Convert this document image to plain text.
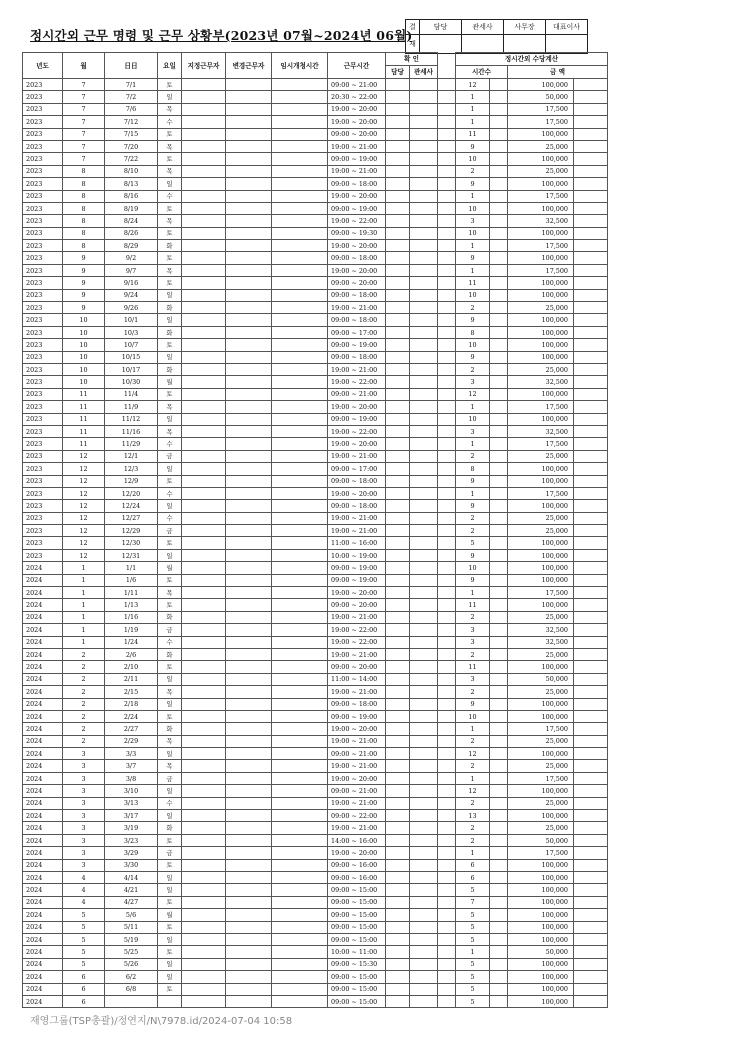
정시간외 근무 명령 및 근무 상황부(2023년 07월~2024년 06월)
결	담당	관세사	사무장	대표이사
재				
년도	월	日日	요일	지정근무자	변경근무자	임시개청시간	근무시간	확 인			정시간외 수당계산			
								담당	관세사		시간수		금 액	
2023	7	7/1	토				09:00 ~ 21:00				12		100,000	
2023	7	7/2	일				20:30 ~ 22:00				1		50,000	
2023	7	7/6	목				19:00 ~ 20:00				1		17,500	
2023	7	7/12	수				19:00 ~ 20:00				1		17,500	
2023	7	7/15	토				09:00 ~ 20:00				11		100,000	
2023	7	7/20	목				19:00 ~ 21:00				9		25,000	
2023	7	7/22	토				09:00 ~ 19:00				10		100,000	
2023	8	8/10	목				19:00 ~ 21:00				2		25,000	
2023	8	8/13	일				09:00 ~ 18:00				9		100,000	
2023	8	8/16	수				19:00 ~ 20:00				1		17,500	
2023	8	8/19	토				09:00 ~ 19:00				10		100,000	
2023	8	8/24	목				19:00 ~ 22:00				3		32,500	
2023	8	8/26	토				09:00 ~ 19:30				10		100,000	
2023	8	8/29	화				19:00 ~ 20:00				1		17,500	
2023	9	9/2	토				09:00 ~ 18:00				9		100,000	
2023	9	9/7	목				19:00 ~ 20:00				1		17,500	
2023	9	9/16	토				09:00 ~ 20:00				11		100,000	
2023	9	9/24	일				09:00 ~ 18:00				10		100,000	
2023	9	9/26	화				19:00 ~ 21:00				2		25,000	
2023	10	10/1	일				09:00 ~ 18:00				9		100,000	
2023	10	10/3	화				09:00 ~ 17:00				8		100,000	
2023	10	10/7	토				09:00 ~ 19:00				10		100,000	
2023	10	10/15	일				09:00 ~ 18:00				9		100,000	
2023	10	10/17	화				19:00 ~ 21:00				2		25,000	
2023	10	10/30	월				19:00 ~ 22:00				3		32,500	
2023	11	11/4	토				09:00 ~ 21:00				12		100,000	
2023	11	11/9	목				19:00 ~ 20:00				1		17,500	
2023	11	11/12	일				09:00 ~ 19:00				10		100,000	
2023	11	11/16	목				19:00 ~ 22:00				3		32,500	
2023	11	11/29	수				19:00 ~ 20:00				1		17,500	
2023	12	12/1	금				19:00 ~ 21:00				2		25,000	
2023	12	12/3	일				09:00 ~ 17:00				8		100,000	
2023	12	12/9	토				09:00 ~ 18:00				9		100,000	
2023	12	12/20	수				19:00 ~ 20:00				1		17,500	
2023	12	12/24	일				09:00 ~ 18:00				9		100,000	
2023	12	12/27	수				19:00 ~ 21:00				2		25,000	
2023	12	12/29	금				19:00 ~ 21:00				2		25,000	
2023	12	12/30	토				11:00 ~ 16:00				5		100,000	
2023	12	12/31	일				10:00 ~ 19:00				9		100,000	
2024	1	1/1	월				09:00 ~ 19:00				10		100,000	
2024	1	1/6	토				09:00 ~ 19:00				9		100,000	
2024	1	1/11	목				19:00 ~ 20:00				1		17,500	
2024	1	1/13	토				09:00 ~ 20:00				11		100,000	
2024	1	1/16	화				19:00 ~ 21:00				2		25,000	
2024	1	1/19	금				19:00 ~ 22:00				3		32,500	
2024	1	1/24	수				19:00 ~ 22:00				3		32,500	
2024	2	2/6	화				19:00 ~ 21:00				2		25,000	
2024	2	2/10	토				09:00 ~ 20:00				11		100,000	
2024	2	2/11	일				11:00 ~ 14:00				3		50,000	
2024	2	2/15	목				19:00 ~ 21:00				2		25,000	
2024	2	2/18	일				09:00 ~ 18:00				9		100,000	
2024	2	2/24	토				09:00 ~ 19:00				10		100,000	
2024	2	2/27	화				19:00 ~ 20:00				1		17,500	
2024	2	2/29	목				19:00 ~ 21:00				2		25,000	
2024	3	3/3	일				09:00 ~ 21:00				12		100,000	
2024	3	3/7	목				19:00 ~ 21:00				2		25,000	
2024	3	3/8	금				19:00 ~ 20:00				1		17,500	
2024	3	3/10	일				09:00 ~ 21:00				12		100,000	
2024	3	3/13	수				19:00 ~ 21:00				2		25,000	
2024	3	3/17	일				09:00 ~ 22:00				13		100,000	
2024	3	3/19	화				19:00 ~ 21:00				2		25,000	
2024	3	3/23	토				14:00 ~ 16:00				2		50,000	
2024	3	3/29	금				19:00 ~ 20:00				1		17,500	
2024	3	3/30	토				09:00 ~ 16:00				6		100,000	
2024	4	4/14	일				09:00 ~ 16:00				6		100,000	
2024	4	4/21	일				09:00 ~ 15:00				5		100,000	
2024	4	4/27	토				09:00 ~ 15:00				7		100,000	
2024	5	5/6	월				09:00 ~ 15:00				5		100,000	
2024	5	5/11	토				09:00 ~ 15:00				5		100,000	
2024	5	5/19	일				09:00 ~ 15:00				5		100,000	
2024	5	5/25	토				10:00 ~ 11:00				1		50,000	
2024	5	5/26	일				09:00 ~ 15:30				5		100,000	
2024	6	6/2	일				09:00 ~ 15:00				5		100,000	
2024	6	6/8	토				09:00 ~ 15:00				5		100,000	
2024	6						09:00 ~ 15:00				5		100,000	
재영그룹(TSP총괄)/정연지/N\7978.id/2024-07-04 10:58
